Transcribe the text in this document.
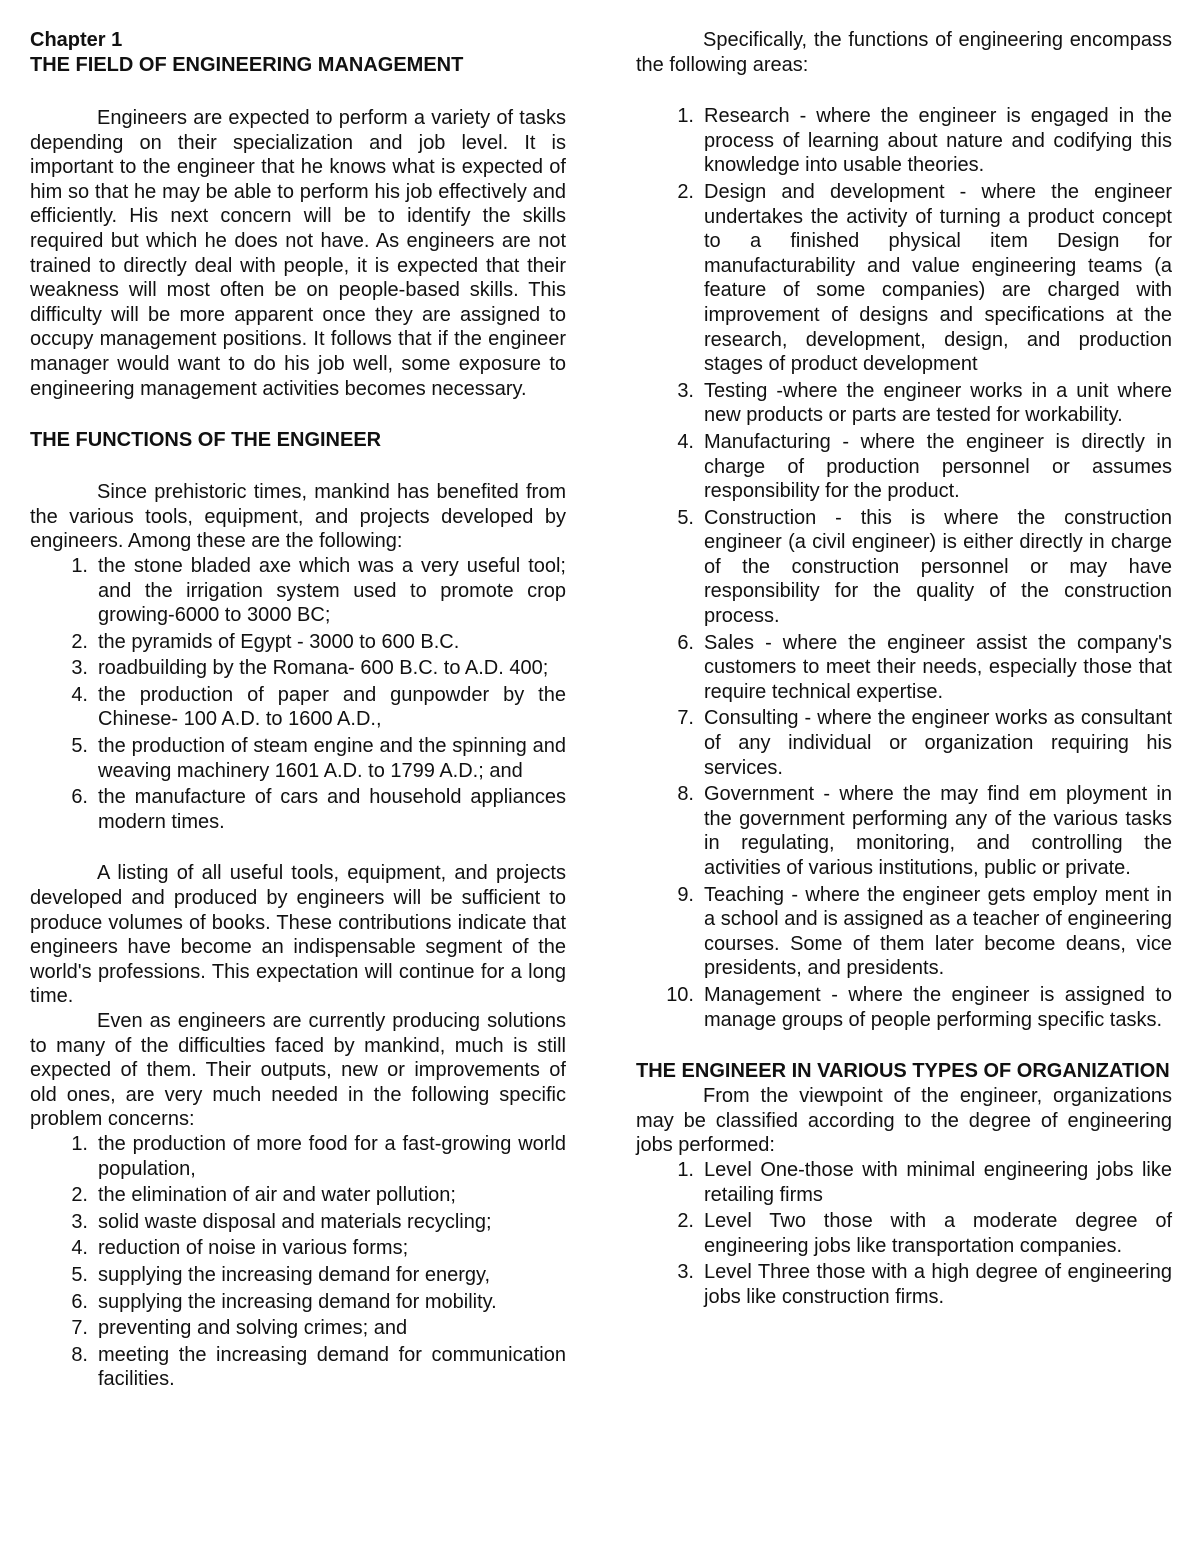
Chapter 1
THE FIELD OF ENGINEERING MANAGEMENT

Engineers are expected to perform a variety of tasks depending on their specialization and job level. It is important to the engineer that he knows what is expected of him so that he may be able to perform his job effectively and efficiently. His next concern will be to identify the skills required but which he does not have. As engineers are not trained to directly deal with people, it is expected that their weakness will most often be on people-based skills. This difficulty will be more apparent once they are assigned to occupy management positions. It follows that if the engineer manager would want to do his job well, some exposure to engineering management activities becomes necessary.

THE FUNCTIONS OF THE ENGINEER

Since prehistoric times, mankind has benefited from the various tools, equipment, and projects developed by engineers. Among these are the following:

1. the stone bladed axe which was a very useful tool; and the irrigation system used to promote crop growing-6000 to 3000 BC;
2. the pyramids of Egypt - 3000 to 600 B.C.
3. roadbuilding by the Romana- 600 B.C. to A.D. 400;
4. the production of paper and gunpowder by the Chinese- 100 A.D. to 1600 A.D.,
5. the production of steam engine and the spinning and weaving machinery 1601 A.D. to 1799 A.D.; and
6. the manufacture of cars and household appliances modern times.

A listing of all useful tools, equipment, and projects developed and produced by engineers will be sufficient to produce volumes of books. These contributions indicate that engineers have become an indispensable segment of the world's professions. This expectation will continue for a long time.

Even as engineers are currently producing solutions to many of the difficulties faced by mankind, much is still expected of them. Their outputs, new or improvements of old ones, are very much needed in the following specific problem concerns:

1. the production of more food for a fast-growing world population,
2. the elimination of air and water pollution;
3. solid waste disposal and materials recycling;
4. reduction of noise in various forms;
5. supplying the increasing demand for energy,
6. supplying the increasing demand for mobility.
7. preventing and solving crimes; and
8. meeting the increasing demand for communication facilities.

Specifically, the functions of engineering encompass the following areas:

1. Research - where the engineer is engaged in the process of learning about nature and codifying this knowledge into usable theories.
2. Design and development - where the engineer undertakes the activity of turning a product concept to a finished physical item Design for manufacturability and value engineering teams (a feature of some companies) are charged with improvement of designs and specifications at the research, development, design, and production stages of product development
3. Testing -where the engineer works in a unit where new products or parts are tested for workability.
4. Manufacturing - where the engineer is directly in charge of production personnel or assumes responsibility for the product.
5. Construction - this is where the construction engineer (a civil engineer) is either directly in charge of the construction personnel or may have responsibility for the quality of the construction process.
6. Sales - where the engineer assist the company's customers to meet their needs, especially those that require technical expertise.
7. Consulting - where the engineer works as consultant of any individual or organization requiring his services.
8. Government - where the may find em ployment in the government performing any of the various tasks in regulating, monitoring, and controlling the activities of various institutions, public or private.
9. Teaching - where the engineer gets employ ment in a school and is assigned as a teacher of engineering courses. Some of them later become deans, vice presidents, and presidents.
10. Management - where the engineer is assigned to manage groups of people performing specific tasks.
THE ENGINEER IN VARIOUS TYPES OF ORGANIZATION

From the viewpoint of the engineer, organizations may be classified according to the degree of engineering jobs performed:

1. Level One-those with minimal engineering jobs like retailing firms
2. Level Two those with a moderate degree of engineering jobs like transportation companies.
3. Level Three those with a high degree of engineering jobs like construction firms.
